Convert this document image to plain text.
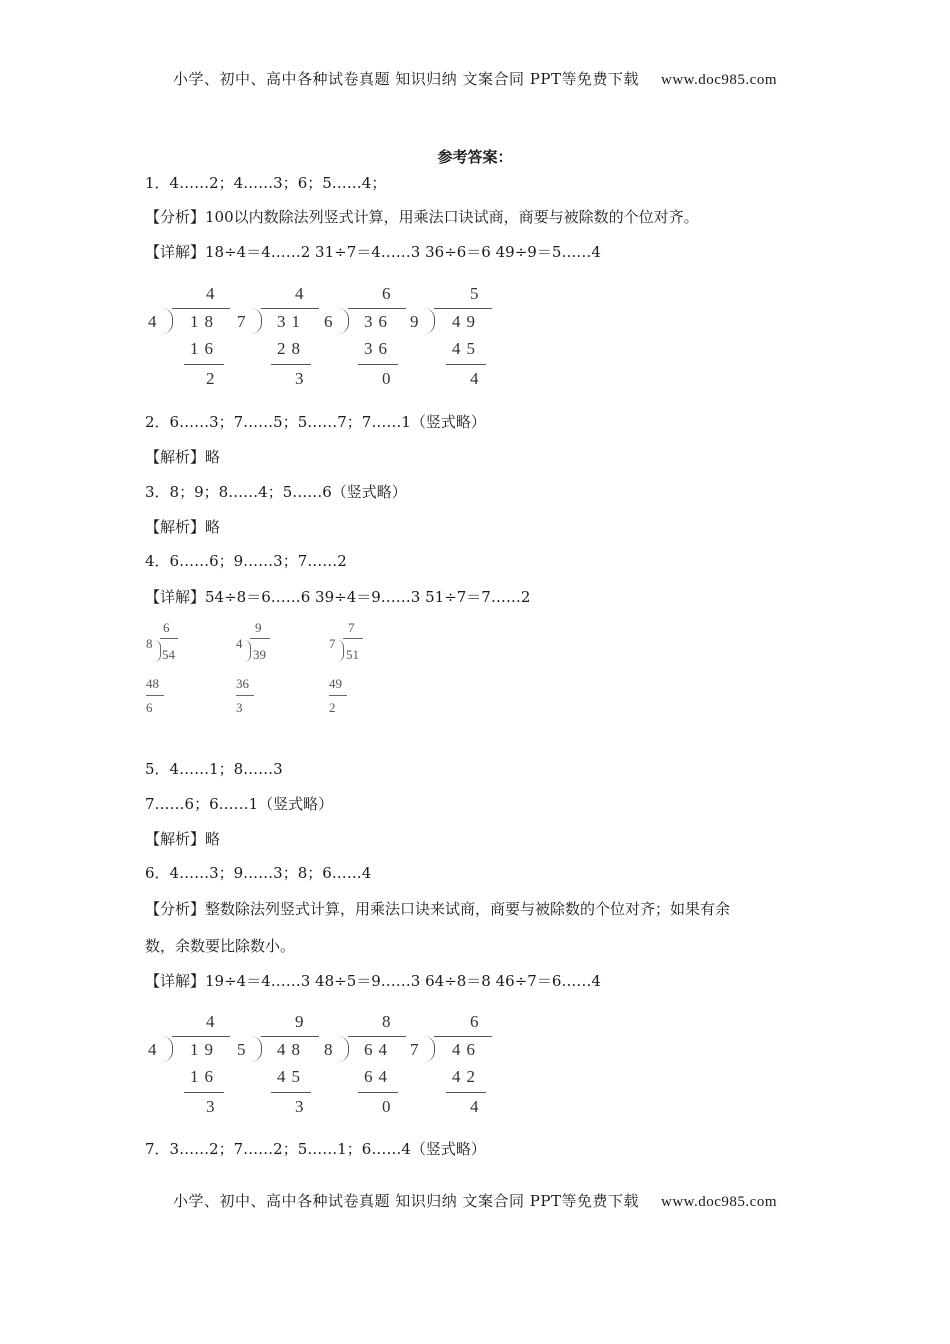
小学、初中、高中各种试卷真题 知识归纳 文案合同 PPT等免费下载 www.doc985.com
参考答案：
1．4……2；4……3；6；5……4；
【分析】100以内数除法列竖式计算，用乘法口诀试商，商要与被除数的个位对齐。
【详解】18÷4＝4……2 31÷7＝4……3 36÷6＝6 49÷9＝5……4
4
4 18
16
2
4
7 31
28
3
6
6 36
36
0
5
9 49
45
4
2．6……3；7……5；5……7；7……1（竖式略）
【解析】略
3．8；9；8……4；5……6（竖式略）
【解析】略
4．6……6；9……3；7……2
【详解】54÷8＝6……6 39÷4＝9……3 51÷7＝7……2
6
8
54
48
6
9
4
39
36
3
7
7
51
49
2
5．4……1；8……3
7……6；6……1（竖式略）
【解析】略
6．4……3；9……3；8；6……4
【分析】整数除法列竖式计算，用乘法口诀来试商，商要与被除数的个位对齐；如果有余
数，余数要比除数小。
【详解】19÷4＝4……3 48÷5＝9……3 64÷8＝8 46÷7＝6……4
4
4 19
16
3
9
5 48
45
3
8
8 64
64
0
6
7 46
42
4
7．3……2；7……2；5……1；6……4（竖式略）
小学、初中、高中各种试卷真题 知识归纳 文案合同 PPT等免费下载 www.doc985.com
